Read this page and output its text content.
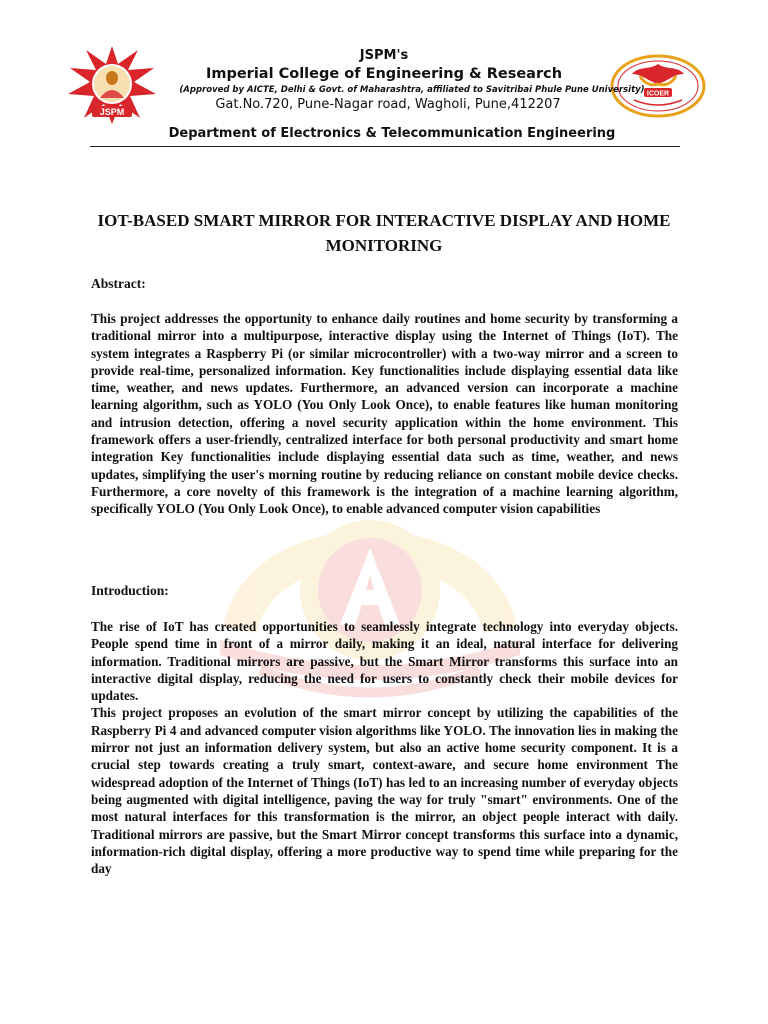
JSPM
ICOER
JSPM's
Imperial College of Engineering & Research
(Approved by AICTE, Delhi & Govt. of Maharashtra, affiliated to Savitribai Phule Pune University)
Gat.No.720, Pune-Nagar road, Wagholi, Pune,412207
Department of Electronics & Telecommunication Engineering
IOT-BASED SMART MIRROR FOR INTERACTIVE DISPLAY AND HOME MONITORING
Abstract:

This project addresses the opportunity to enhance daily routines and home security by transforming a traditional mirror into a multipurpose, interactive display using the Internet of Things (IoT). The system integrates a Raspberry Pi (or similar microcontroller) with a two-way mirror and a screen to provide real-time, personalized information. Key functionalities include displaying essential data like time, weather, and news updates. Furthermore, an advanced version can incorporate a machine learning algorithm, such as YOLO (You Only Look Once), to enable features like human monitoring and intrusion detection, offering a novel security application within the home environment. This framework offers a user-friendly, centralized interface for both personal productivity and smart home integration Key functionalities include displaying essential data such as time, weather, and news updates, simplifying the user's morning routine by reducing reliance on constant mobile device checks. Furthermore, a core novelty of this framework is the integration of a machine learning algorithm, specifically YOLO (You Only Look Once), to enable advanced computer vision capabilities

Introduction:

The rise of IoT has created opportunities to seamlessly integrate technology into everyday objects. People spend time in front of a mirror daily, making it an ideal, natural interface for delivering information. Traditional mirrors are passive, but the Smart Mirror transforms this surface into an interactive digital display, reducing the need for users to constantly check their mobile devices for updates.

This project proposes an evolution of the smart mirror concept by utilizing the capabilities of the Raspberry Pi 4 and advanced computer vision algorithms like YOLO. The innovation lies in making the mirror not just an information delivery system, but also an active home security component. It is a crucial step towards creating a truly smart, context-aware, and secure home environment The widespread adoption of the Internet of Things (IoT) has led to an increasing number of everyday objects being augmented with digital intelligence, paving the way for truly "smart" environments. One of the most natural interfaces for this transformation is the mirror, an object people interact with daily. Traditional mirrors are passive, but the Smart Mirror concept transforms this surface into a dynamic, information-rich digital display, offering a more productive way to spend time while preparing for the day
